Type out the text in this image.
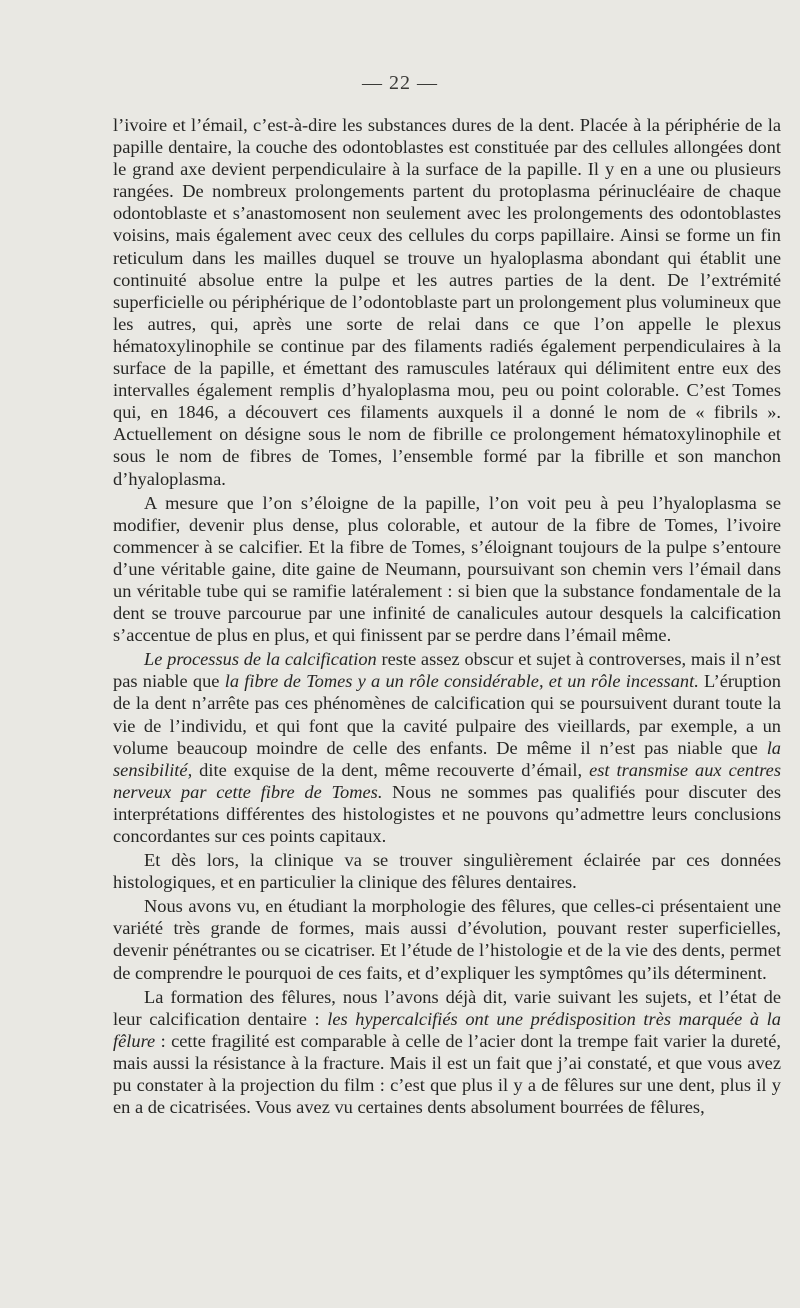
— 22 —

l’ivoire et l’émail, c’est-à-dire les substances dures de la dent. Placée à la périphérie de la papille dentaire, la couche des odontoblastes est constituée par des cellules allongées dont le grand axe devient perpendiculaire à la surface de la papille. Il y en a une ou plusieurs rangées. De nombreux prolongements partent du protoplasma périnucléaire de chaque odontoblaste et s’anastomosent non seulement avec les prolongements des odontoblastes voisins, mais également avec ceux des cellules du corps papillaire. Ainsi se forme un fin reticulum dans les mailles duquel se trouve un hyaloplasma abondant qui établit une continuité absolue entre la pulpe et les autres parties de la dent. De l’extrémité superficielle ou périphérique de l’odontoblaste part un prolongement plus volumineux que les autres, qui, après une sorte de relai dans ce que l’on appelle le plexus hématoxylinophile se continue par des filaments radiés également perpendiculaires à la surface de la papille, et émettant des ramuscules latéraux qui délimitent entre eux des intervalles également remplis d’hyaloplasma mou, peu ou point colorable. C’est Tomes qui, en 1846, a découvert ces filaments auxquels il a donné le nom de « fibrils ». Actuellement on désigne sous le nom de fibrille ce prolongement hématoxylinophile et sous le nom de fibres de Tomes, l’ensemble formé par la fibrille et son manchon d’hyaloplasma.

A mesure que l’on s’éloigne de la papille, l’on voit peu à peu l’hyaloplasma se modifier, devenir plus dense, plus colorable, et autour de la fibre de Tomes, l’ivoire commencer à se calcifier. Et la fibre de Tomes, s’éloignant toujours de la pulpe s’entoure d’une véritable gaine, dite gaine de Neumann, poursuivant son chemin vers l’émail dans un véritable tube qui se ramifie latéralement : si bien que la substance fondamentale de la dent se trouve parcourue par une infinité de canalicules autour desquels la calcification s’accentue de plus en plus, et qui finissent par se perdre dans l’émail même.

Le processus de la calcification reste assez obscur et sujet à controverses, mais il n’est pas niable que la fibre de Tomes y a un rôle considérable, et un rôle incessant. L’éruption de la dent n’arrête pas ces phénomènes de calcification qui se poursuivent durant toute la vie de l’individu, et qui font que la cavité pulpaire des vieillards, par exemple, a un volume beaucoup moindre de celle des enfants. De même il n’est pas niable que la sensibilité, dite exquise de la dent, même recouverte d’émail, est transmise aux centres nerveux par cette fibre de Tomes. Nous ne sommes pas qualifiés pour discuter des interprétations différentes des histologistes et ne pouvons qu’admettre leurs conclusions concordantes sur ces points capitaux.

Et dès lors, la clinique va se trouver singulièrement éclairée par ces données histologiques, et en particulier la clinique des fêlures dentaires.

Nous avons vu, en étudiant la morphologie des fêlures, que celles-ci présentaient une variété très grande de formes, mais aussi d’évolution, pouvant rester superficielles, devenir pénétrantes ou se cicatriser. Et l’étude de l’histologie et de la vie des dents, permet de comprendre le pourquoi de ces faits, et d’expliquer les symptômes qu’ils déterminent.

La formation des fêlures, nous l’avons déjà dit, varie suivant les sujets, et l’état de leur calcification dentaire : les hypercalcifiés ont une prédisposition très marquée à la fêlure : cette fragilité est comparable à celle de l’acier dont la trempe fait varier la dureté, mais aussi la résistance à la fracture. Mais il est un fait que j’ai constaté, et que vous avez pu constater à la projection du film : c’est que plus il y a de fêlures sur une dent, plus il y en a de cicatrisées. Vous avez vu certaines dents absolument bourrées de fêlures,
